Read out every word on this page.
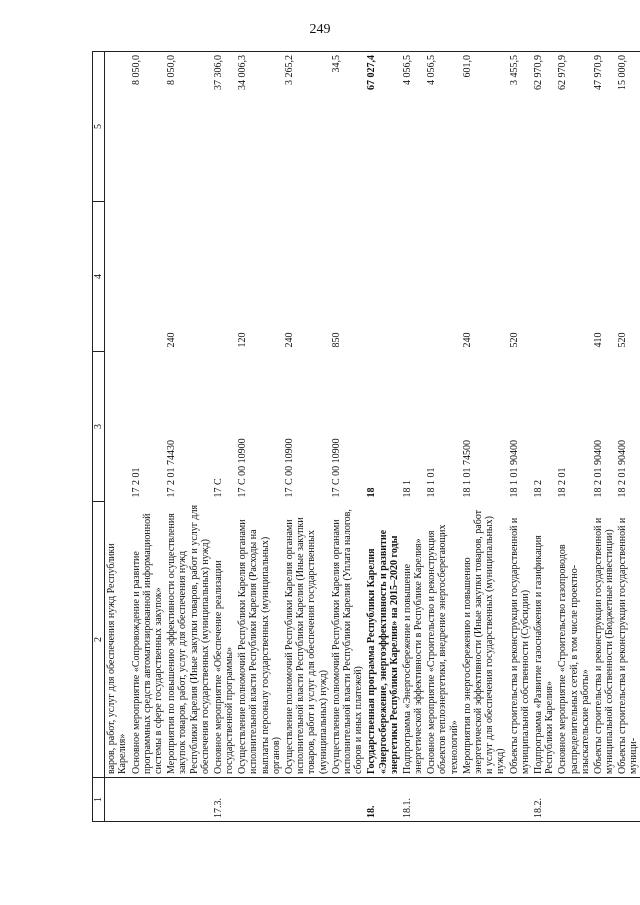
249
1	2	3	4	5
	варов, работ, услуг для обеспечения нужд Республики Карелия»			
	Основное мероприятие «Сопровождение и развитие программных средств автоматизированной информационной системы в сфере государственных закупок»	17 2 01		8 050,0
	Мероприятия по повышению эффективности осуществления закупок товаров, работ, услуг для обеспечения нужд Республики Карелия (Иные закупки товаров, работ и услуг для обеспечения государственных (муниципальных) нужд)	17 2 01 74430	240	8 050,0
17.3.	Основное мероприятие «Обеспечение реализации государственной программы»	17 С		37 306,0
	Осуществление полномочий Республики Карелия органами исполнительной власти Республики Карелия (Расходы на выплаты персоналу государственных (муниципальных) органов)	17 С 00 10900	120	34 006,3
	Осуществление полномочий Республики Карелия органами исполнительной власти Республики Карелия (Иные закупки товаров, работ и услуг для обеспечения государственных (муниципальных) нужд)	17 С 00 10900	240	3 265,2
	Осуществление полномочий Республики Карелия органами исполнительной власти Республики Карелия (Уплата налогов, сборов и иных платежей)	17 С 00 10900	850	34,5
18.	Государственная программа Республики Карелия «Энергосбережение, энергоэффективность и развитие энергетики Республики Карелия» на 2015–2020 годы	18		67 027,4
18.1.	Подпрограмма «Энергосбережение и повышение энергетической эффективности в Республике Карелия»	18 1		4 056,5
	Основное мероприятие «Строительство и реконструкция объектов теплоэнергетики, внедрение энергосберегающих технологий»	18 1 01		4 056,5
	Мероприятия по энергосбережению и повышению энергетической эффективности (Иные закупки товаров, работ и услуг для обеспечения государственных (муниципальных) нужд)	18 1 01 74500	240	601,0
	Объекты строительства и реконструкции государственной и муниципальной собственности (Субсидии)	18 1 01 90400	520	3 455,5
18.2.	Подпрограмма «Развитие газоснабжения и газификация Республики Карелия»	18 2		62 970,9
	Основное мероприятие «Строительство газопроводов распределительных сетей, в том числе проектно-изыскательские работы»	18 2 01		62 970,9
	Объекты строительства и реконструкции государственной и муниципальной собственности (Бюджетные инвестиции)	18 2 01 90400	410	47 970,9
	Объекты строительства и реконструкции государственной и муници-	18 2 01 90400	520	15 000,0
